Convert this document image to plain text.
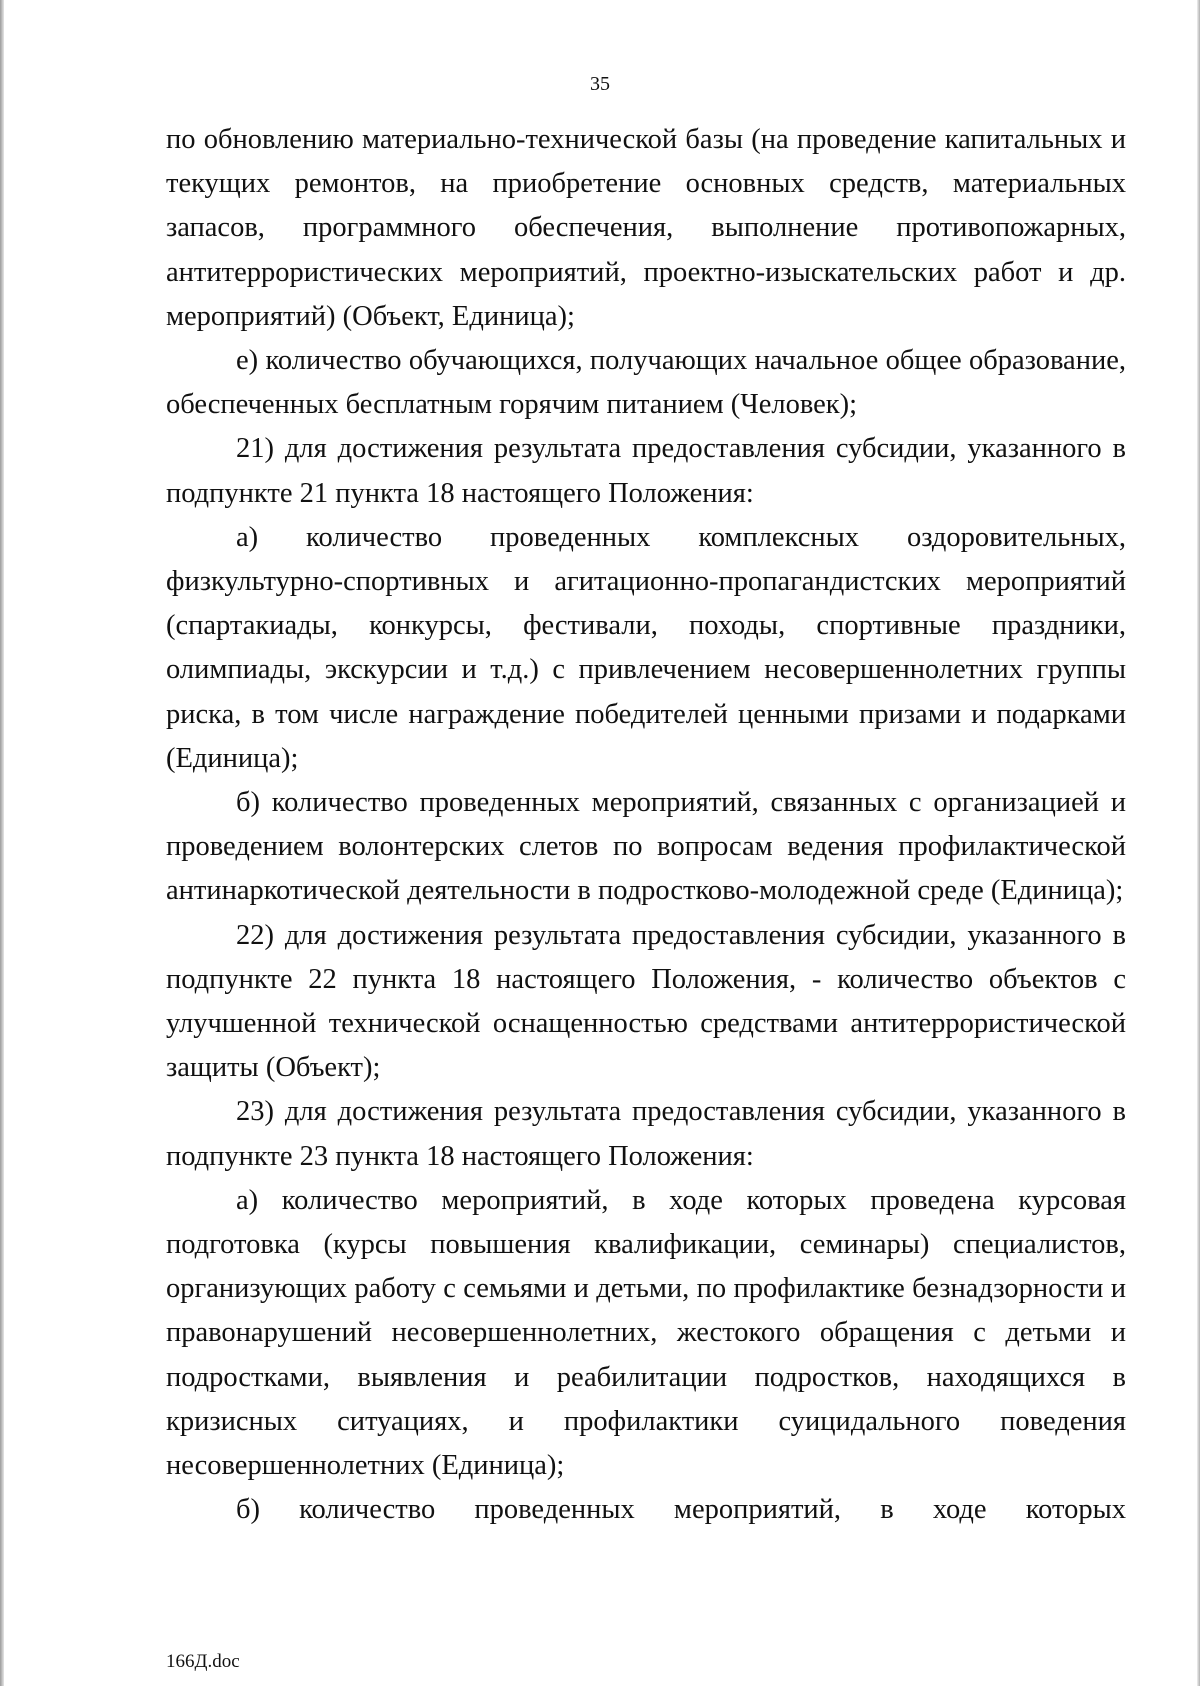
35

по обновлению материально-технической базы (на проведение капитальных и текущих ремонтов, на приобретение основных средств, материальных запасов, программного обеспечения, выполнение противопожарных, антитеррористических мероприятий, проектно-изыскательских работ и др. мероприятий) (Объект, Единица);

е) количество обучающихся, получающих начальное общее образование, обеспеченных бесплатным горячим питанием (Человек);

21) для достижения результата предоставления субсидии, указанного в подпункте 21 пункта 18 настоящего Положения:

а) количество проведенных комплексных оздоровительных, физкультурно-спортивных и агитационно-пропагандистских мероприятий (спартакиады, конкурсы, фестивали, походы, спортивные праздники, олимпиады, экскурсии и т.д.) с привлечением несовершеннолетних группы риска, в том числе награждение победителей ценными призами и подарками (Единица);

б) количество проведенных мероприятий, связанных с организацией и проведением волонтерских слетов по вопросам ведения профилактической антинаркотической деятельности в подростково-молодежной среде (Единица);

22) для достижения результата предоставления субсидии, указанного в подпункте 22 пункта 18 настоящего Положения, - количество объектов с улучшенной технической оснащенностью средствами антитеррористической защиты (Объект);

23) для достижения результата предоставления субсидии, указанного в подпункте 23 пункта 18 настоящего Положения:

а) количество мероприятий, в ходе которых проведена курсовая подготовка (курсы повышения квалификации, семинары) специалистов, организующих работу с семьями и детьми, по профилактике безнадзорности и правонарушений несовершеннолетних, жестокого обращения с детьми и подростками, выявления и реабилитации подростков, находящихся в кризисных ситуациях, и профилактики суицидального поведения несовершеннолетних (Единица);

б) количество проведенных мероприятий, в ходе которых

166Д.doc
